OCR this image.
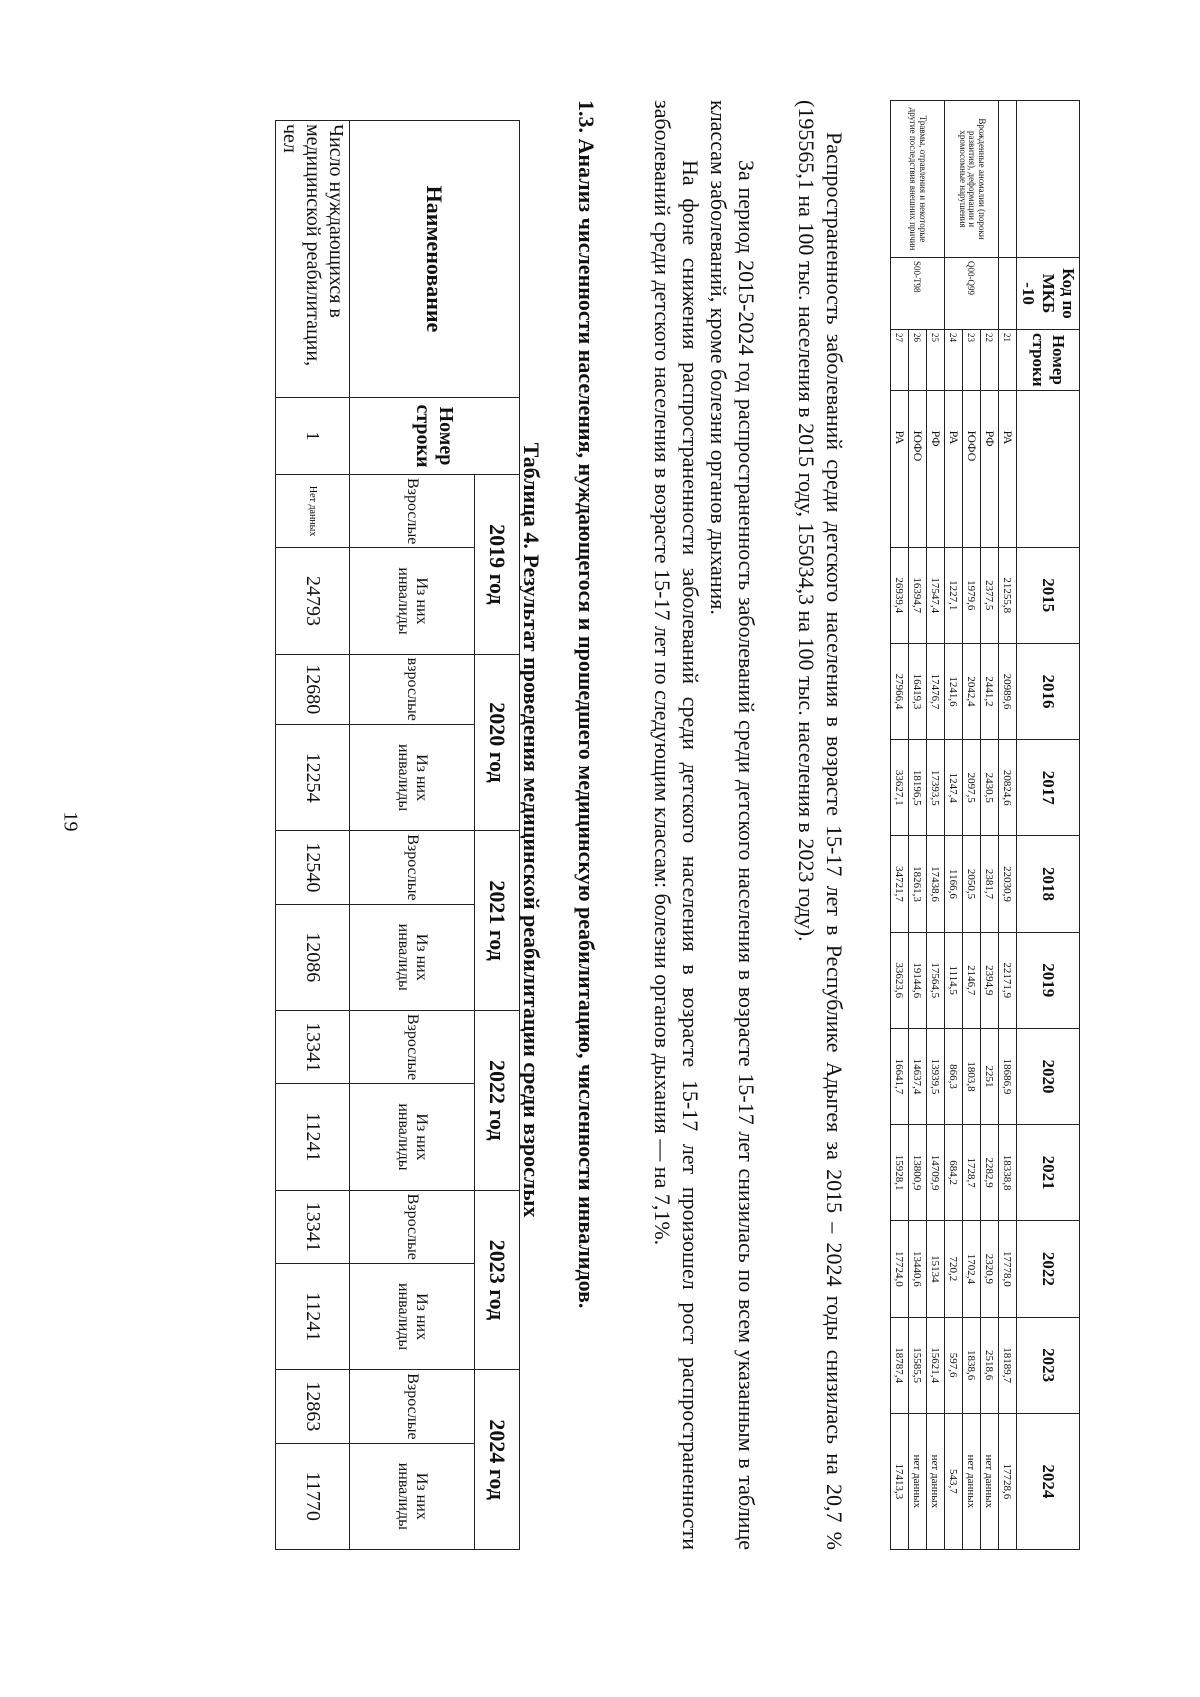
19
	Код по МКБ -10	Номер строки		2015	2016	2017	2018	2019	2020	2021	2022	2023	2024
		21	РА	21255,8	20989,6	20824,6	22030,9	22171,9	18686,9	18338,8	17778,0	18189,7	17728,6
Врожденные аномалии (пороки развития), деформации и хромосомные нарушения	Q00-Q99	22	РФ	2377,5	2441,2	2430,5	2381,7	2394,9	2251	2282,9	2320,9	2518,6	нет данных
		23	ЮФО	1979,6	2042,4	2097,5	2050,5	2146,7	1803,8	1728,7	1702,4	1838,6	нет данных
		24	РА	1227,1	1241,6	1247,4	1166,6	1114,5	866,3	684,2	720,2	597,6	543,7
Травмы, отравления и некоторые другие последствия внешних причин	S00-T98	25	РФ	17547,4	17476,7	17393,5	17438,6	17564,5	13939,5	14709,9	15134	15621,4	нет данных
		26	ЮФО	16394,7	16419,3	18196,5	18261,3	19144,6	14637,4	13800,9	13440,6	15585,5	нет данных
		27	РА	26939,4	27966,4	33627,1	34721,7	33623,6	16641,7	15928,1	17724,0	18787,4	17413,3

Распространенность заболеваний среди детского населения в возрасте 15-17 лет в Республике Адыгея за 2015 – 2024 годы снизилась на 20,7 % (195565,1 на 100 тыс. населения в 2015 году, 155034,3 на 100 тыс. населения в 2023 году).

За период 2015-2024 год распространенность заболеваний среди детского населения в возрасте 15-17 лет снизилась по всем указанным в таблице классам заболеваний, кроме болезни органов дыхания.

На фоне снижения распространенности заболеваний среди детского населения в возрасте 15-17 лет произошел рост распространенности заболеваний среди детского населения в возрасте 15-17 лет по следующим классам: болезни органов дыхания — на 7,1%.

1.3. Анализ численности населения, нуждающегося и прошедшего медицинскую реабилитацию, численности инвалидов.
Таблица 4. Результат проведения медицинской реабилитации среди взрослых
Наименование	Номер строки	2019 год		2020 год		2021 год		2022 год		2023 год		2024 год	
		Взрослые	Из них инвалиды	взрослые	Из них инвалиды	Взрослые	Из них инвалиды	Взрослые	Из них инвалиды	Взрослые	Из них инвалиды	Взрослые	Из них инвалиды
Число нуждающихся в медицинской реабилитации, чел	1	Нет данных	24793	12680	12254	12540	12086	13341	11241	13341	11241	12863	11770
